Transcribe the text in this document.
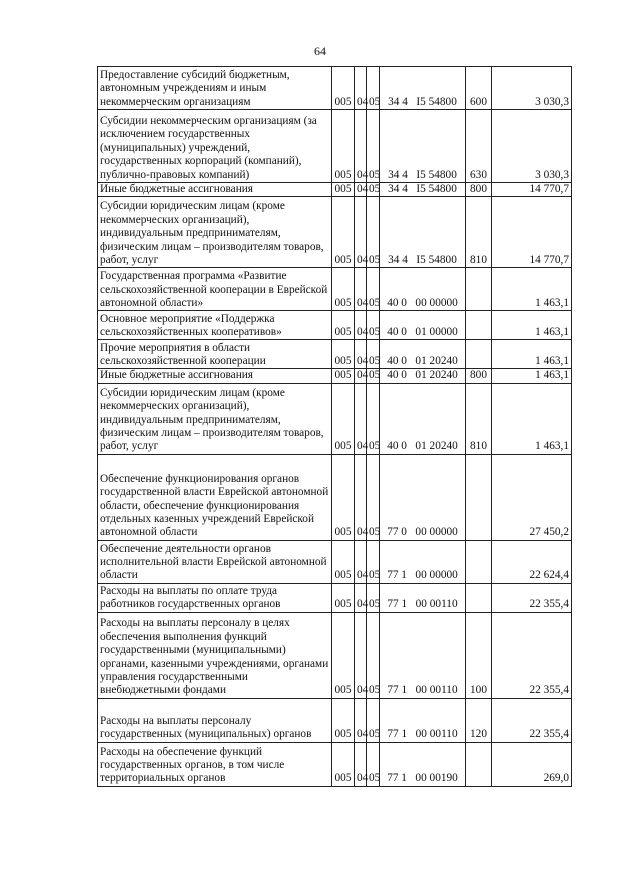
64
Предоставление субсидий бюджетным, автономным учреждениям и иным некоммерческим организациям	005	04	05	34 4   I5 54800	600	3 030,3
Субсидии некоммерческим организациям (за исключением государственных (муниципальных) учреждений, государственных корпораций (компаний), публично-правовых компаний)	005	04	05	34 4   I5 54800	630	3 030,3
Иные бюджетные ассигнования	005	04	05	34 4   I5 54800	800	14 770,7
Субсидии юридическим лицам (кроме некоммерческих организаций), индивидуальным предпринимателям, физическим лицам – производителям товаров, работ, услуг	005	04	05	34 4   I5 54800	810	14 770,7
Государственная программа «Развитие сельскохозяйственной кооперации в Еврейской автономной области»	005	04	05	40 0   00 00000		1 463,1
Основное мероприятие «Поддержка сельскохозяйственных кооперативов»	005	04	05	40 0   01 00000		1 463,1
Прочие мероприятия в области сельскохозяйственной кооперации	005	04	05	40 0   01 20240		1 463,1
Иные бюджетные ассигнования	005	04	05	40 0   01 20240	800	1 463,1
Субсидии юридическим лицам (кроме некоммерческих организаций), индивидуальным предпринимателям, физическим лицам – производителям товаров, работ, услуг	005	04	05	40 0   01 20240	810	1 463,1
Обеспечение функционирования органов государственной власти Еврейской автономной области, обеспечение функционирования отдельных казенных учреждений Еврейской автономной области	005	04	05	77 0   00 00000		27 450,2
Обеспечение деятельности органов исполнительной власти Еврейской автономной области	005	04	05	77 1   00 00000		22 624,4
Расходы на выплаты по оплате труда работников государственных органов	005	04	05	77 1   00 00110		22 355,4
Расходы на выплаты персоналу в целях обеспечения выполнения функций государственными (муниципальными) органами, казенными учреждениями, органами управления государственными внебюджетными фондами	005	04	05	77 1   00 00110	100	22 355,4
Расходы на выплаты персоналу государственных (муниципальных) органов	005	04	05	77 1   00 00110	120	22 355,4
Расходы на обеспечение функций государственных органов, в том числе территориальных органов	005	04	05	77 1   00 00190		269,0
